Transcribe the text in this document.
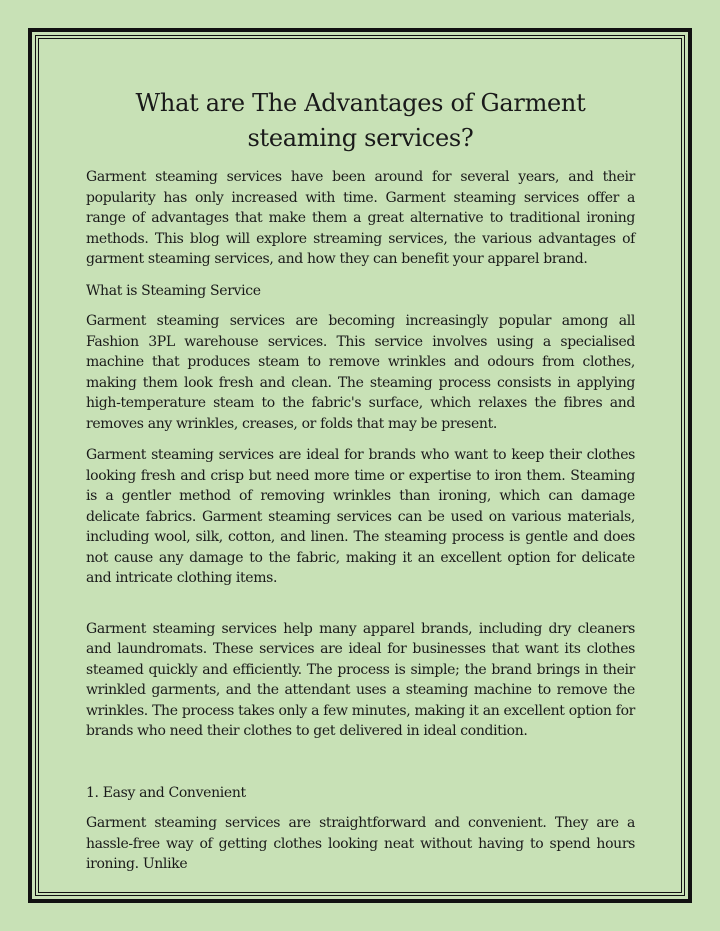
What are The Advantages of Garment
steaming services?

Garment steaming services have been around for several years, and their popularity has only increased with time. Garment steaming services offer a range of advantages that make them a great alternative to traditional ironing methods. This blog will explore streaming services, the various advantages of garment steaming services, and how they can benefit your apparel brand.

What is Steaming Service

Garment steaming services are becoming increasingly popular among all Fashion 3PL warehouse services. This service involves using a specialised machine that produces steam to remove wrinkles and odours from clothes, making them look fresh and clean. The steaming process consists in applying high-temperature steam to the fabric's surface, which relaxes the fibres and removes any wrinkles, creases, or folds that may be present.

Garment steaming services are ideal for brands who want to keep their clothes looking fresh and crisp but need more time or expertise to iron them. Steaming is a gentler method of removing wrinkles than ironing, which can damage delicate fabrics. Garment steaming services can be used on various materials, including wool, silk, cotton, and linen. The steaming process is gentle and does not cause any damage to the fabric, making it an excellent option for delicate and intricate clothing items.

Garment steaming services help many apparel brands, including dry cleaners and laundromats. These services are ideal for businesses that want its clothes steamed quickly and efficiently. The process is simple; the brand brings in their wrinkled garments, and the attendant uses a steaming machine to remove the wrinkles. The process takes only a few minutes, making it an excellent option for brands who need their clothes to get delivered in ideal condition.

1. Easy and Convenient

Garment steaming services are straightforward and convenient. They are a hassle-free way of getting clothes looking neat without having to spend hours ironing. Unlike
